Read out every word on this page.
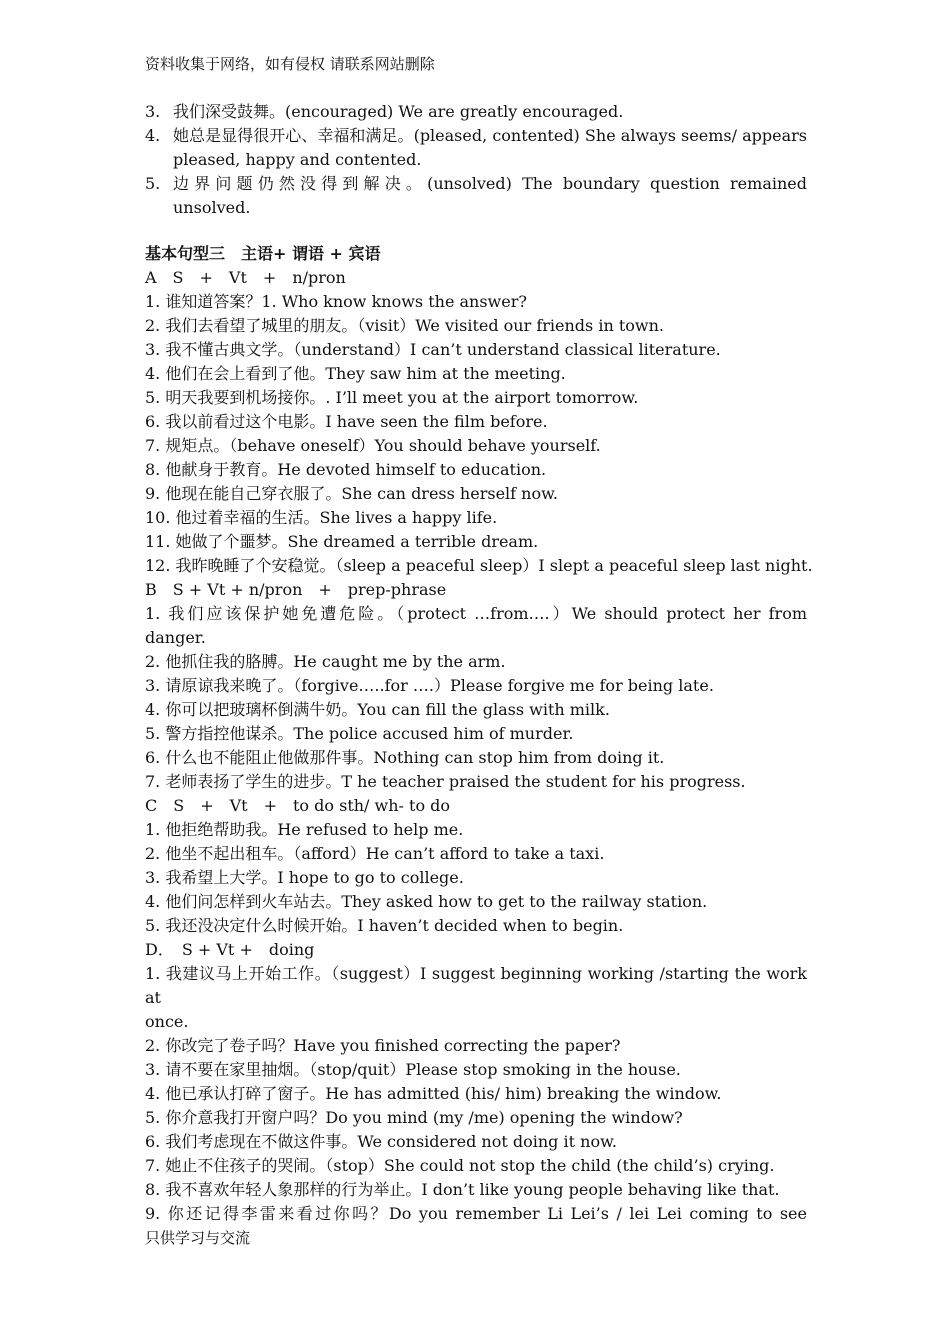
资料收集于网络，如有侵权 请联系网站删除
3. 我们深受鼓舞。(encouraged) We are greatly encouraged.
4. 她总是显得很开心、幸福和满足。(pleased, contented) She always seems/ appears
pleased, happy and contented.
5. 边界问题仍然没得到解决。(unsolved) The boundary question remained
unsolved.
基本句型三　主语+ 谓语 + 宾语
A　S　+　Vt　+　n/pron
1. 谁知道答案？1. Who know knows the answer?
2. 我们去看望了城里的朋友。（visit）We visited our friends in town.
3. 我不懂古典文学。（understand）I can’t understand classical literature.
4. 他们在会上看到了他。They saw him at the meeting.
5. 明天我要到机场接你。. I’ll meet you at the airport tomorrow.
6. 我以前看过这个电影。I have seen the film before.
7. 规矩点。（behave oneself）You should behave yourself.
8. 他献身于教育。He devoted himself to education.
9. 他现在能自己穿衣服了。She can dress herself now.
10. 他过着幸福的生活。She lives a happy life.
11. 她做了个噩梦。She dreamed a terrible dream.
12. 我昨晚睡了个安稳觉。（sleep a peaceful sleep）I slept a peaceful sleep last night.
B　S + Vt + n/pron　+　prep-phrase
1. 我们应该保护她免遭危险。（protect …from….）We should protect her from
danger.
2. 他抓住我的胳膊。He caught me by the arm.
3. 请原谅我来晚了。（forgive…..for ….）Please forgive me for being late.
4. 你可以把玻璃杯倒满牛奶。You can fill the glass with milk.
5. 警方指控他谋杀。The police accused him of murder.
6. 什么也不能阻止他做那件事。Nothing can stop him from doing it.
7. 老师表扬了学生的进步。T he teacher praised the student for his progress.
C　S　+　Vt　+　to do sth/ wh- to do
1. 他拒绝帮助我。He refused to help me.
2. 他坐不起出租车。（afford）He can’t afford to take a taxi.
3. 我希望上大学。I hope to go to college.
4. 他们问怎样到火车站去。They asked how to get to the railway station.
5. 我还没决定什么时候开始。I haven’t decided when to begin.
D．　S + Vt +　doing
1. 我建议马上开始工作。（suggest）I suggest beginning working /starting the work at
once.
2. 你改完了卷子吗？Have you finished correcting the paper?
3. 请不要在家里抽烟。（stop/quit）Please stop smoking in the house.
4. 他已承认打碎了窗子。He has admitted (his/ him) breaking the window.
5. 你介意我打开窗户吗？Do you mind (my /me) opening the window?
6. 我们考虑现在不做这件事。We considered not doing it now.
7. 她止不住孩子的哭闹。（stop）She could not stop the child (the child’s) crying.
8. 我不喜欢年轻人象那样的行为举止。I don’t like young people behaving like that.
9. 你还记得李雷来看过你吗？Do you remember Li Lei’s / lei Lei coming to see
只供学习与交流
